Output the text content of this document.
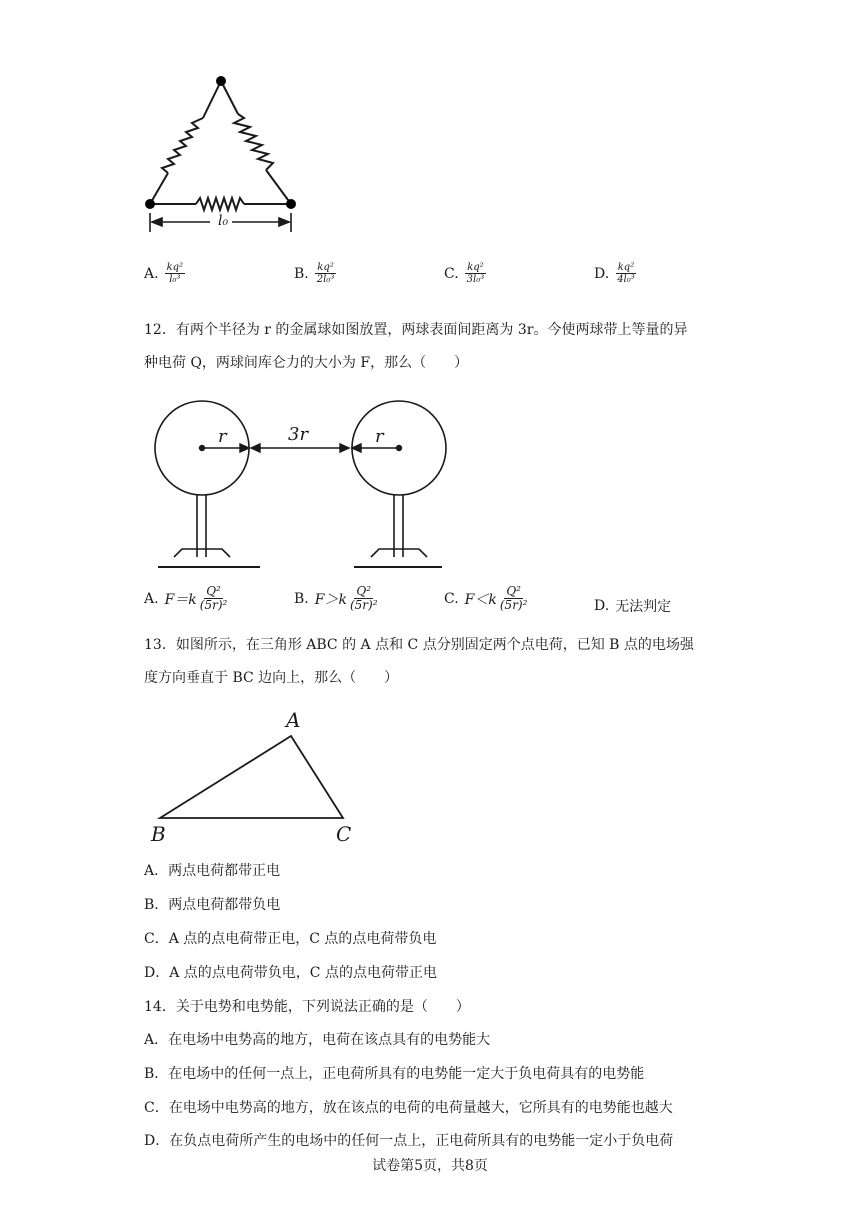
l₀
A. $\frac{\text{kq²}}{\text{l₀³}}$	B. $\frac{\text{kq²}}{\text{2l₀³}}$	C. $\frac{\text{kq²}}{\text{3l₀³}}$	D. $\frac{\text{kq²}}{\text{4l₀³}}$
12．有两个半径为 r 的金属球如图放置，两球表面间距离为 3r。今使两球带上等量的异
种电荷 Q，两球间库仑力的大小为 F，那么（　　）
r	3r	r
A. $F=k \frac{\text{Q²}}{\text{(5r)²}}$	B. $F>k \frac{\text{Q²}}{\text{(5r)²}}$	C. $F<k \frac{\text{Q²}}{\text{(5r)²}}$	D. 无法判定
13．如图所示，在三角形 ABC 的 A 点和 C 点分别固定两个点电荷，已知 B 点的电场强
度方向垂直于 BC 边向上，那么（　　）
A
B	C
A．两点电荷都带正电
B．两点电荷都带负电
C．A 点的点电荷带正电，C 点的点电荷带负电
D．A 点的点电荷带负电，C 点的点电荷带正电
14．关于电势和电势能，下列说法正确的是（　　）
A．在电场中电势高的地方，电荷在该点具有的电势能大
B．在电场中的任何一点上，正电荷所具有的电势能一定大于负电荷具有的电势能
C．在电场中电势高的地方，放在该点的电荷的电荷量越大，它所具有的电势能也越大
D．在负点电荷所产生的电场中的任何一点上，正电荷所具有的电势能一定小于负电荷
试卷第5页，共8页
